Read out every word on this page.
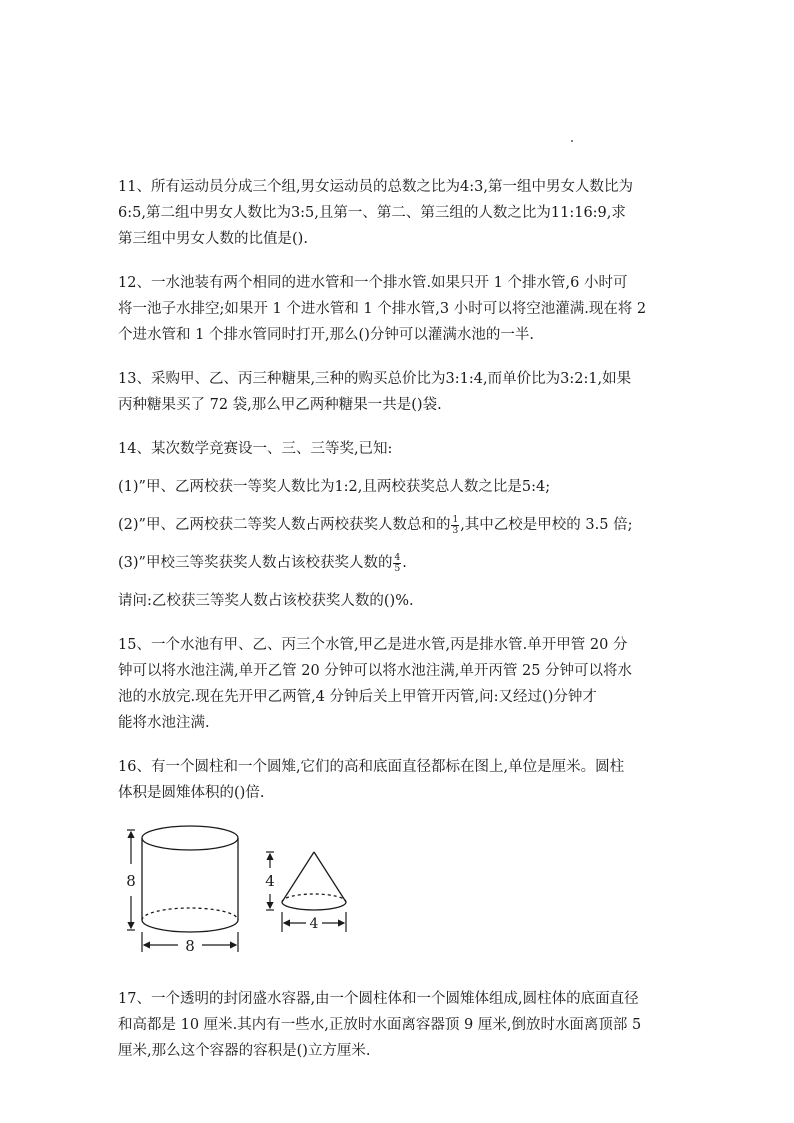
11、所有运动员分成三个组,男女运动员的总数之比为4:3,第一组中男女人数比为

6:5,第二组中男女人数比为3:5,且第一、第二、第三组的人数之比为11:16:9,求

第三组中男女人数的比值是().

12、一水池装有两个相同的进水管和一个排水管.如果只开 1 个排水管,6 小时可

将一池子水排空;如果开 1 个进水管和 1 个排水管,3 小时可以将空池灌满.现在将 2

个进水管和 1 个排水管同时打开,那么()分钟可以灌满水池的一半.

13、采购甲、乙、丙三种糖果,三种的购买总价比为3:1:4,而单价比为3:2:1,如果

丙种糖果买了 72 袋,那么甲乙两种糖果一共是()袋.

14、某次数学竞赛设一、三、三等奖,已知:

(1)”甲、乙两校获一等奖人数比为1:2,且两校获奖总人数之比是5:4;

(2)”甲、乙两校获二等奖人数占两校获奖人数总和的 $\frac{1}{3}$ ,其中乙校是甲校的 3.5 倍;

(3)”甲校三等奖获奖人数占该校获奖人数的 $\frac{4}{5}$ .

请问:乙校获三等奖人数占该校获奖人数的()%.

15、一个水池有甲、乙、丙三个水管,甲乙是进水管,丙是排水管.单开甲管 20 分

钟可以将水池注满,单开乙管 20 分钟可以将水池注满,单开丙管 25 分钟可以将水

池的水放完.现在先开甲乙两管,4 分钟后关上甲管开丙管,问:又经过()分钟才

能将水池注满.

16、有一个圆柱和一个圆雉,它们的高和底面直径都标在图上,单位是厘米。圆柱

体积是圆雉体积的()倍.

8
8
4
4

17、一个透明的封闭盛水容器,由一个圆柱体和一个圆雉体组成,圆柱体的底面直径

和高都是 10 厘米.其内有一些水,正放时水面离容器顶 9 厘米,倒放时水面离顶部 5

厘米,那么这个容器的容积是()立方厘米.
